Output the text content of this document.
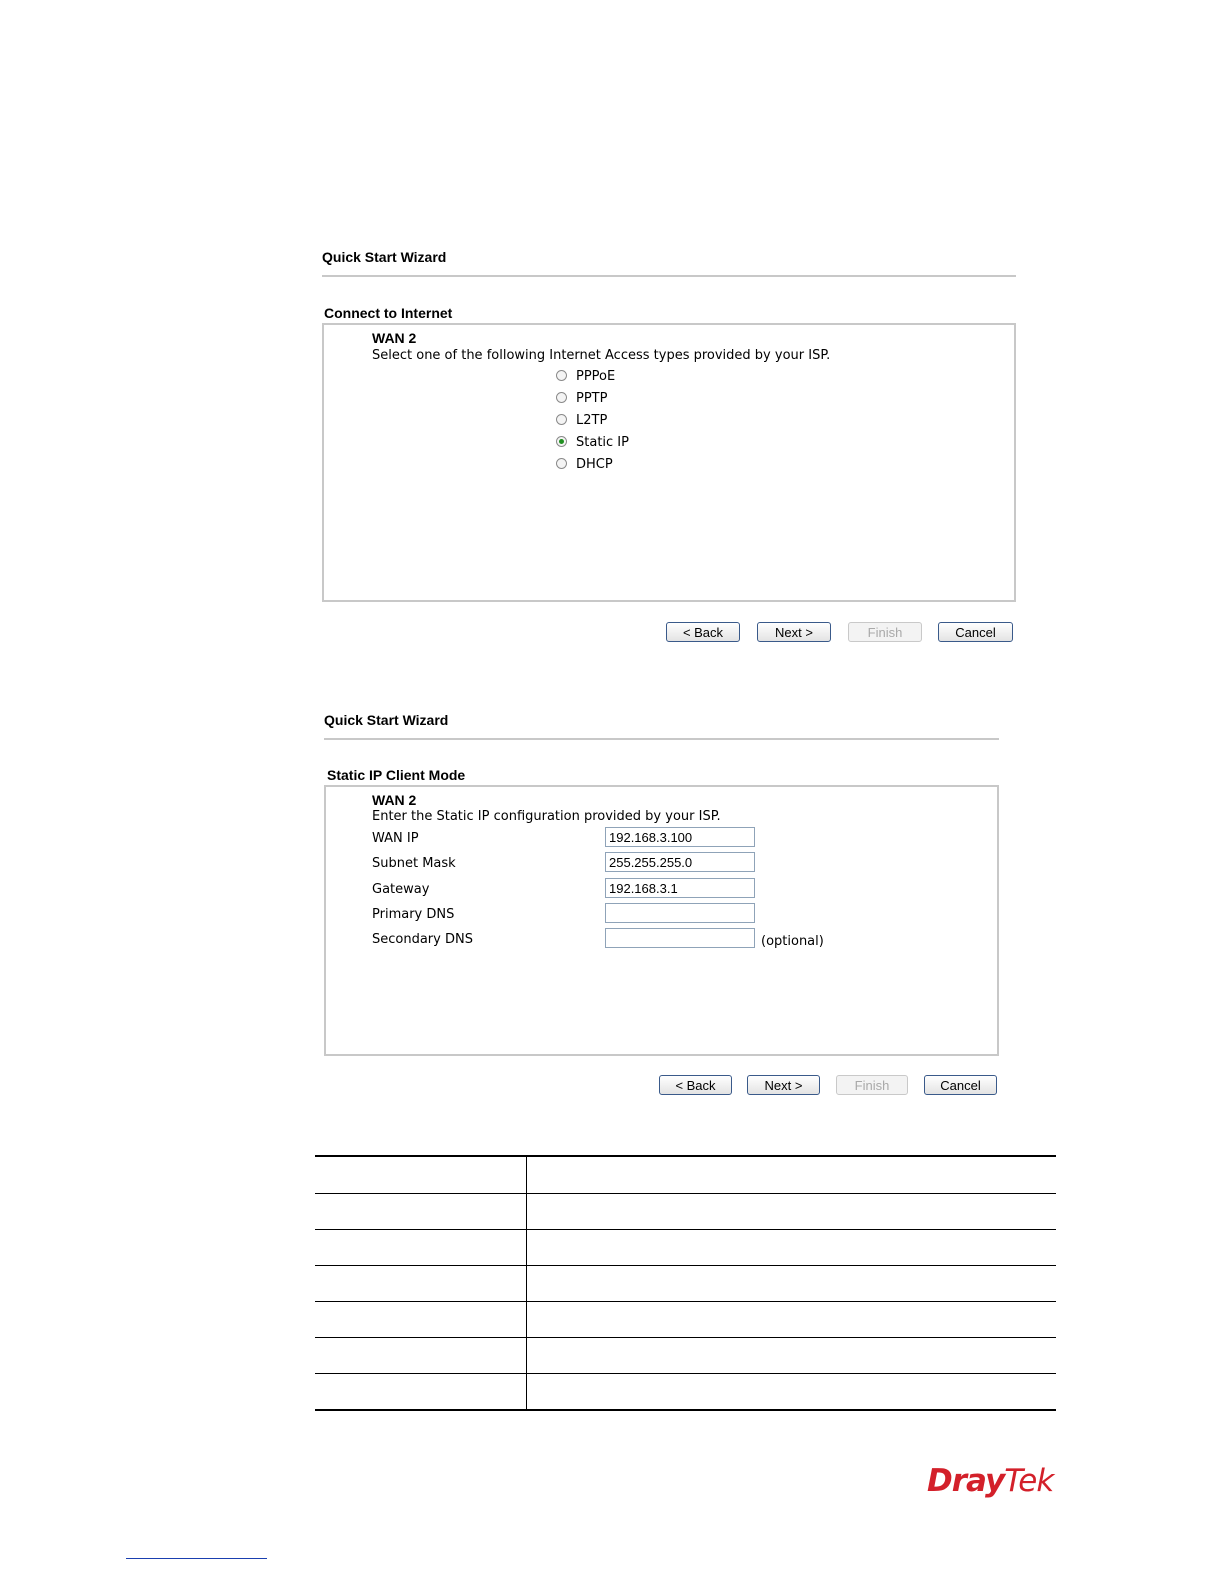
Quick Start Wizard
Connect to Internet
WAN 2
Select one of the following Internet Access types provided by your ISP.
PPPoE
PPTP
L2TP
Static IP
DHCP
< Back	Next >	Finish	Cancel
Quick Start Wizard
Static IP Client Mode
WAN 2
Enter the Static IP configuration provided by your ISP.
WAN IP	192.168.3.100
Subnet Mask	255.255.255.0
Gateway	192.168.3.1
Primary DNS
Secondary DNS	(optional)
< Back	Next >	Finish	Cancel
DrayTek
